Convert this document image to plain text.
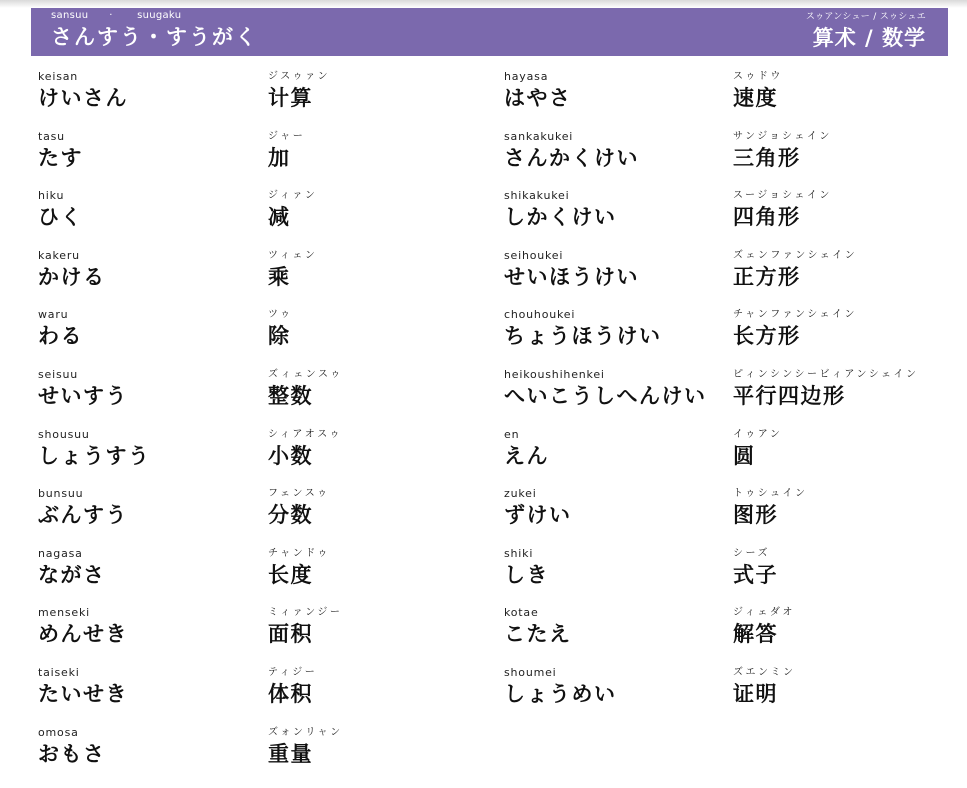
sansuu      ·       suugaku
さんすう・すうがく
スゥアンシュー / スゥシュエ
算术 / 数学
keisan
けいさん
ジスゥァン
计算
hayasa
はやさ
スゥドウ
速度
tasu
たす
ジャー
加
sankakukei
さんかくけい
サンジョシェイン
三角形
hiku
ひく
ジィァン
减
shikakukei
しかくけい
スージョシェイン
四角形
kakeru
かける
ツィェン
乘
seihoukei
せいほうけい
ズェンファンシェイン
正方形
waru
わる
ツゥ
除
chouhoukei
ちょうほうけい
チャンファンシェイン
长方形
seisuu
せいすう
ズィェンスゥ
整数
heikoushihenkei
へいこうしへんけい
ピィンシンシービィアンシェイン
平行四边形
shousuu
しょうすう
シィアオスゥ
小数
en
えん
イゥアン
圆
bunsuu
ぶんすう
フェンスゥ
分数
zukei
ずけい
トゥシュイン
图形
nagasa
ながさ
チャンドゥ
长度
shiki
しき
シーズ
式子
menseki
めんせき
ミィァンジー
面积
kotae
こたえ
ジィェダオ
解答
taiseki
たいせき
ティジー
体积
shoumei
しょうめい
ズエンミン
证明
omosa
おもさ
ズォンリャン
重量
